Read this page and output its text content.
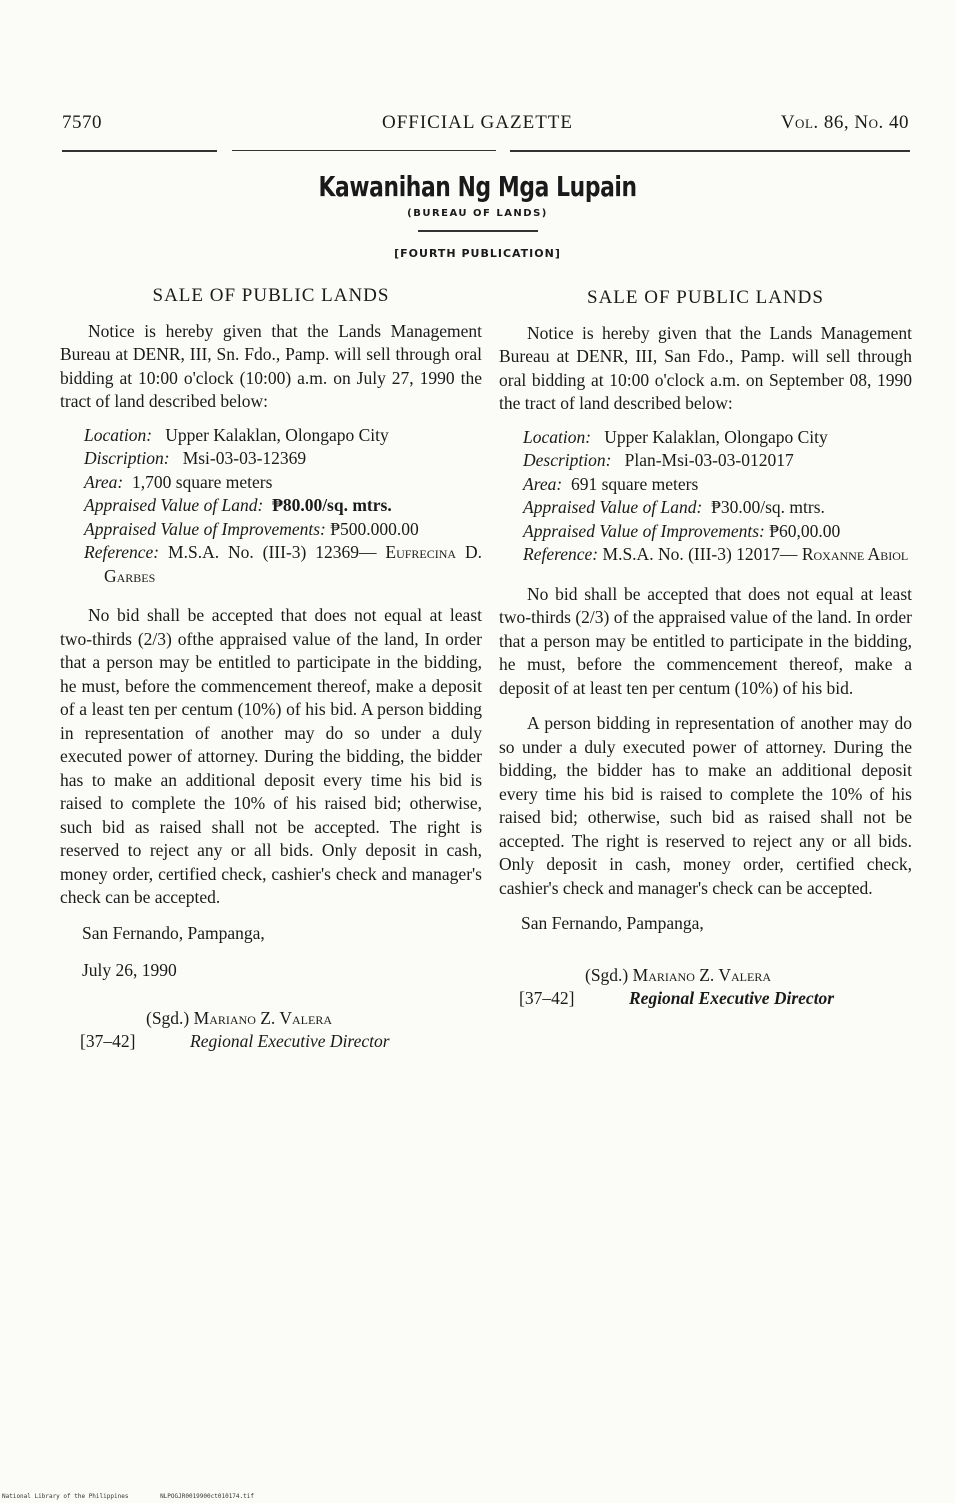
7570	OFFICIAL GAZETTE	Vol. 86, No. 40
Kawanihan Ng Mga Lupain
(BUREAU OF LANDS)
[FOURTH PUBLICATION]
SALE OF PUBLIC LANDS

Notice is hereby given that the Lands Management Bureau at DENR, III, Sn. Fdo., Pamp. will sell through oral bidding at 10:00 o'clock (10:00) a.m. on July 27, 1990 the tract of land described below:

Location: Upper Kalaklan, Olongapo City

Discription: Msi-03-03-12369

Area: 1,700 square meters

Appraised Value of Land: ₱80.00/sq. mtrs.

Appraised Value of Improvements: ₱500.000.00

Reference: M.S.A. No. (III-3) 12369— Eufrecina D. Garbes

No bid shall be accepted that does not equal at least two-thirds (2/3) ofthe appraised value of the land, In order that a person may be entitled to participate in the bidding, he must, before the commencement thereof, make a deposit of a least ten per centum (10%) of his bid. A person bidding in representation of another may do so under a duly executed power of attorney. During the bidding, the bidder has to make an additional deposit every time his bid is raised to complete the 10% of his raised bid; otherwise, such bid as raised shall not be accepted. The right is reserved to reject any or all bids. Only deposit in cash, money order, certified check, cashier's check and manager's check can be accepted.

San Fernando, Pampanga,

July 26, 1990

(Sgd.) Mariano Z. Valera

[37–42]	Regional Executive Director

SALE OF PUBLIC LANDS

Notice is hereby given that the Lands Management Bureau at DENR, III, San Fdo., Pamp. will sell through oral bidding at 10:00 o'clock a.m. on September 08, 1990 the tract of land described below:

Location: Upper Kalaklan, Olongapo City

Description: Plan-Msi-03-03-012017

Area: 691 square meters

Appraised Value of Land: ₱30.00/sq. mtrs.

Appraised Value of Improvements: ₱60,00.00

Reference: M.S.A. No. (III-3) 12017— Roxanne Abiol

No bid shall be accepted that does not equal at least two-thirds (2/3) of the appraised value of the land. In order that a person may be entitled to participate in the bidding, he must, before the commencement thereof, make a deposit of at least ten per centum (10%) of his bid.

A person bidding in representation of another may do so under a duly executed power of attorney. During the bidding, the bidder has to make an additional deposit every time his bid is raised to complete the 10% of his raised bid; otherwise, such bid as raised shall not be accepted. The right is reserved to reject any or all bids. Only deposit in cash, money order, certified check, cashier's check and manager's check can be accepted.

San Fernando, Pampanga,

(Sgd.) Mariano Z. Valera

[37–42]	Regional Executive Director

National Library of the Philippines	NLPOGJR0019900ct010174.tif
